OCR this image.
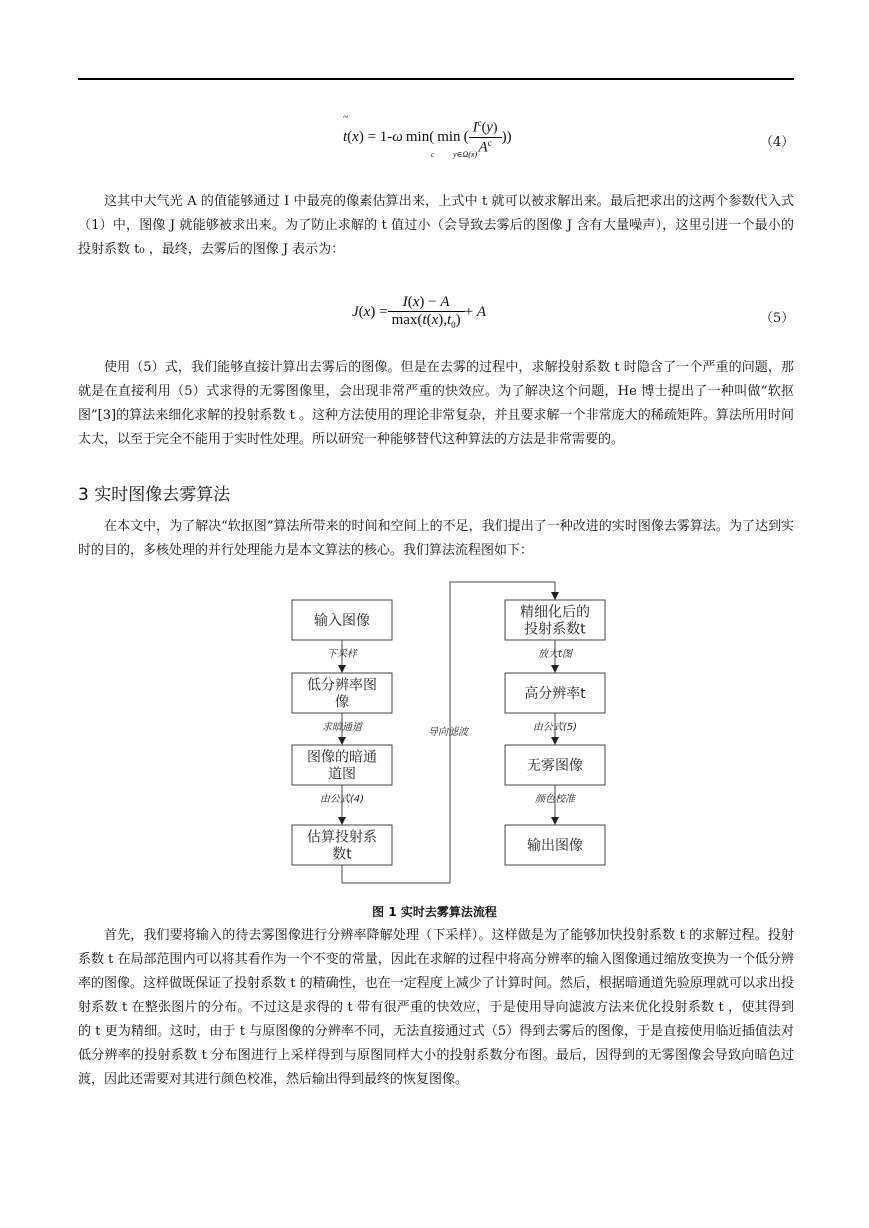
t(x) = 1-ω min( min ( $\frac{I^c(y)}{A^c}$ ))
~
c y∈Ω(x)
（4）

这其中大气光 A 的值能够通过 I 中最亮的像素估算出来，上式中 t 就可以被求解出来。最后把求出的这两个参数代入式（1）中，图像 J 就能够被求出来。为了防止求解的 t 值过小（会导致去雾后的图像 J 含有大量噪声），这里引进一个最小的投射系数 t₀ ，最终，去雾后的图像 J 表示为：

$J(x) = \frac{I(x) - A}{\max(t(x),t_0)} + A$	（5）

使用（5）式，我们能够直接计算出去雾后的图像。但是在去雾的过程中，求解投射系数 t 时隐含了一个严重的问题，那就是在直接利用（5）式求得的无雾图像里，会出现非常严重的快效应。为了解决这个问题，He 博士提出了一种叫做“软抠图”[3]的算法来细化求解的投射系数 t 。这种方法使用的理论非常复杂，并且要求解一个非常庞大的稀疏矩阵。算法所用时间太大，以至于完全不能用于实时性处理。所以研究一种能够替代这种算法的方法是非常需要的。

3 实时图像去雾算法

在本文中，为了解决“软抠图”算法所带来的时间和空间上的不足，我们提出了一种改进的实时图像去雾算法。为了达到实时的目的，多核处理的并行处理能力是本文算法的核心。我们算法流程图如下：

输入图像
低分辨率图
像
图像的暗通
道图
估算投射系
数t
精细化后的
投射系数t
高分辨率t
无雾图像
输出图像
下采样
求暗通道
由公式(4)
放大t图
由公式(5)
颜色校准
导向滤波
图 1 实时去雾算法流程

首先，我们要将输入的待去雾图像进行分辨率降解处理（下采样）。这样做是为了能够加快投射系数 t 的求解过程。投射系数 t 在局部范围内可以将其看作为一个不变的常量，因此在求解的过程中将高分辨率的输入图像通过缩放变换为一个低分辨率的图像。这样做既保证了投射系数 t 的精确性，也在一定程度上减少了计算时间。然后，根据暗通道先验原理就可以求出投射系数 t 在整张图片的分布。不过这是求得的 t 带有很严重的快效应，于是使用导向滤波方法来优化投射系数 t ，使其得到的 t 更为精细。这时，由于 t 与原图像的分辨率不同，无法直接通过式（5）得到去雾后的图像，于是直接使用临近插值法对低分辨率的投射系数 t 分布图进行上采样得到与原图同样大小的投射系数分布图。最后，因得到的无雾图像会导致向暗色过渡，因此还需要对其进行颜色校准，然后输出得到最终的恢复图像。
